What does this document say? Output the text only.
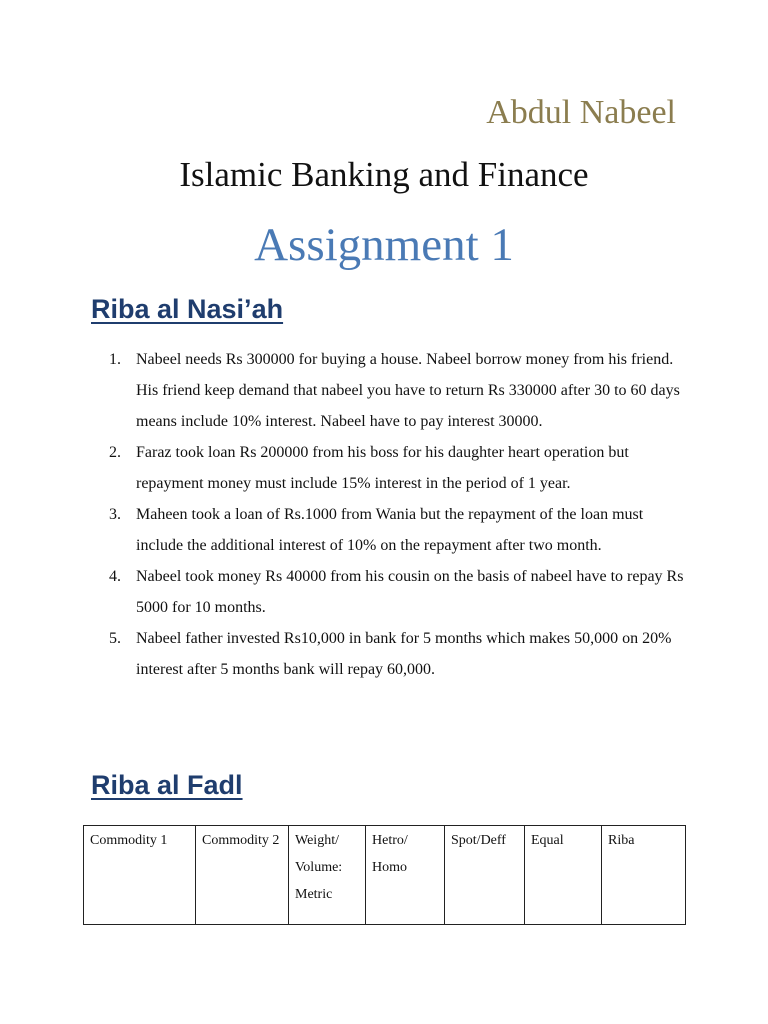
Abdul Nabeel
Islamic Banking and Finance
Assignment 1
Riba al Nasi’ah
1. Nabeel needs Rs 300000 for buying a house. Nabeel borrow money from his friend. His friend keep demand that nabeel you have to return Rs 330000 after 30 to 60 days means include 10% interest. Nabeel have to pay interest 30000.
2. Faraz took loan Rs 200000 from his boss for his daughter heart operation but repayment money must include 15% interest in the period of 1 year.
3. Maheen took a loan of Rs.1000 from Wania but the repayment of the loan must include the additional interest of 10% on the repayment after two month.
4. Nabeel took money Rs 40000 from his cousin on the basis of nabeel have to repay Rs 5000 for 10 months.
5. Nabeel father invested Rs10,000 in bank for 5 months which makes 50,000 on 20% interest after 5 months bank will repay 60,000.
Riba al Fadl
Commodity 1	Commodity 2	Weight/ Volume: Metric	Hetro/ Homo	Spot/Deff	Equal	Riba
